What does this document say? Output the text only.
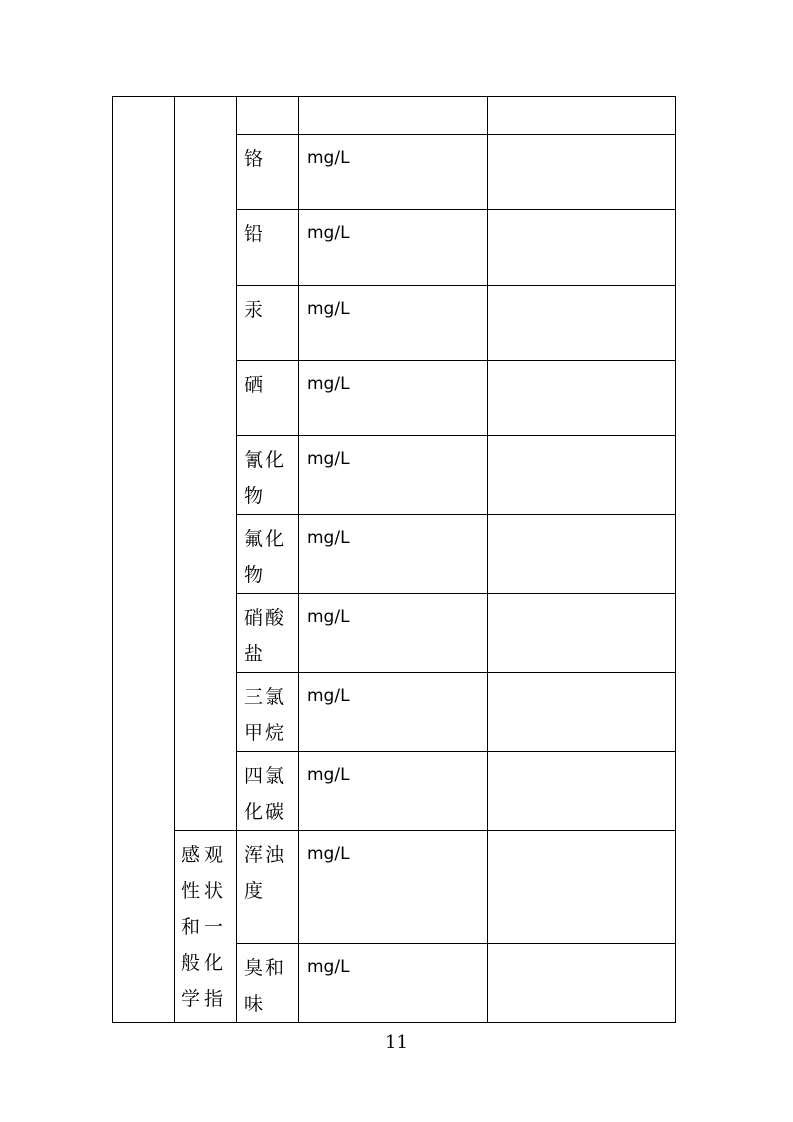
		铬	mg/L	
		铅	mg/L	
		汞	mg/L	
		硒	mg/L	
		氰化物	mg/L	
		氟化物	mg/L	
		硝酸盐	mg/L	
		三氯甲烷	mg/L	
		四氯化碳	mg/L	
	感观性状和一般化学指	浑浊度	mg/L	
		臭和味	mg/L	
11
